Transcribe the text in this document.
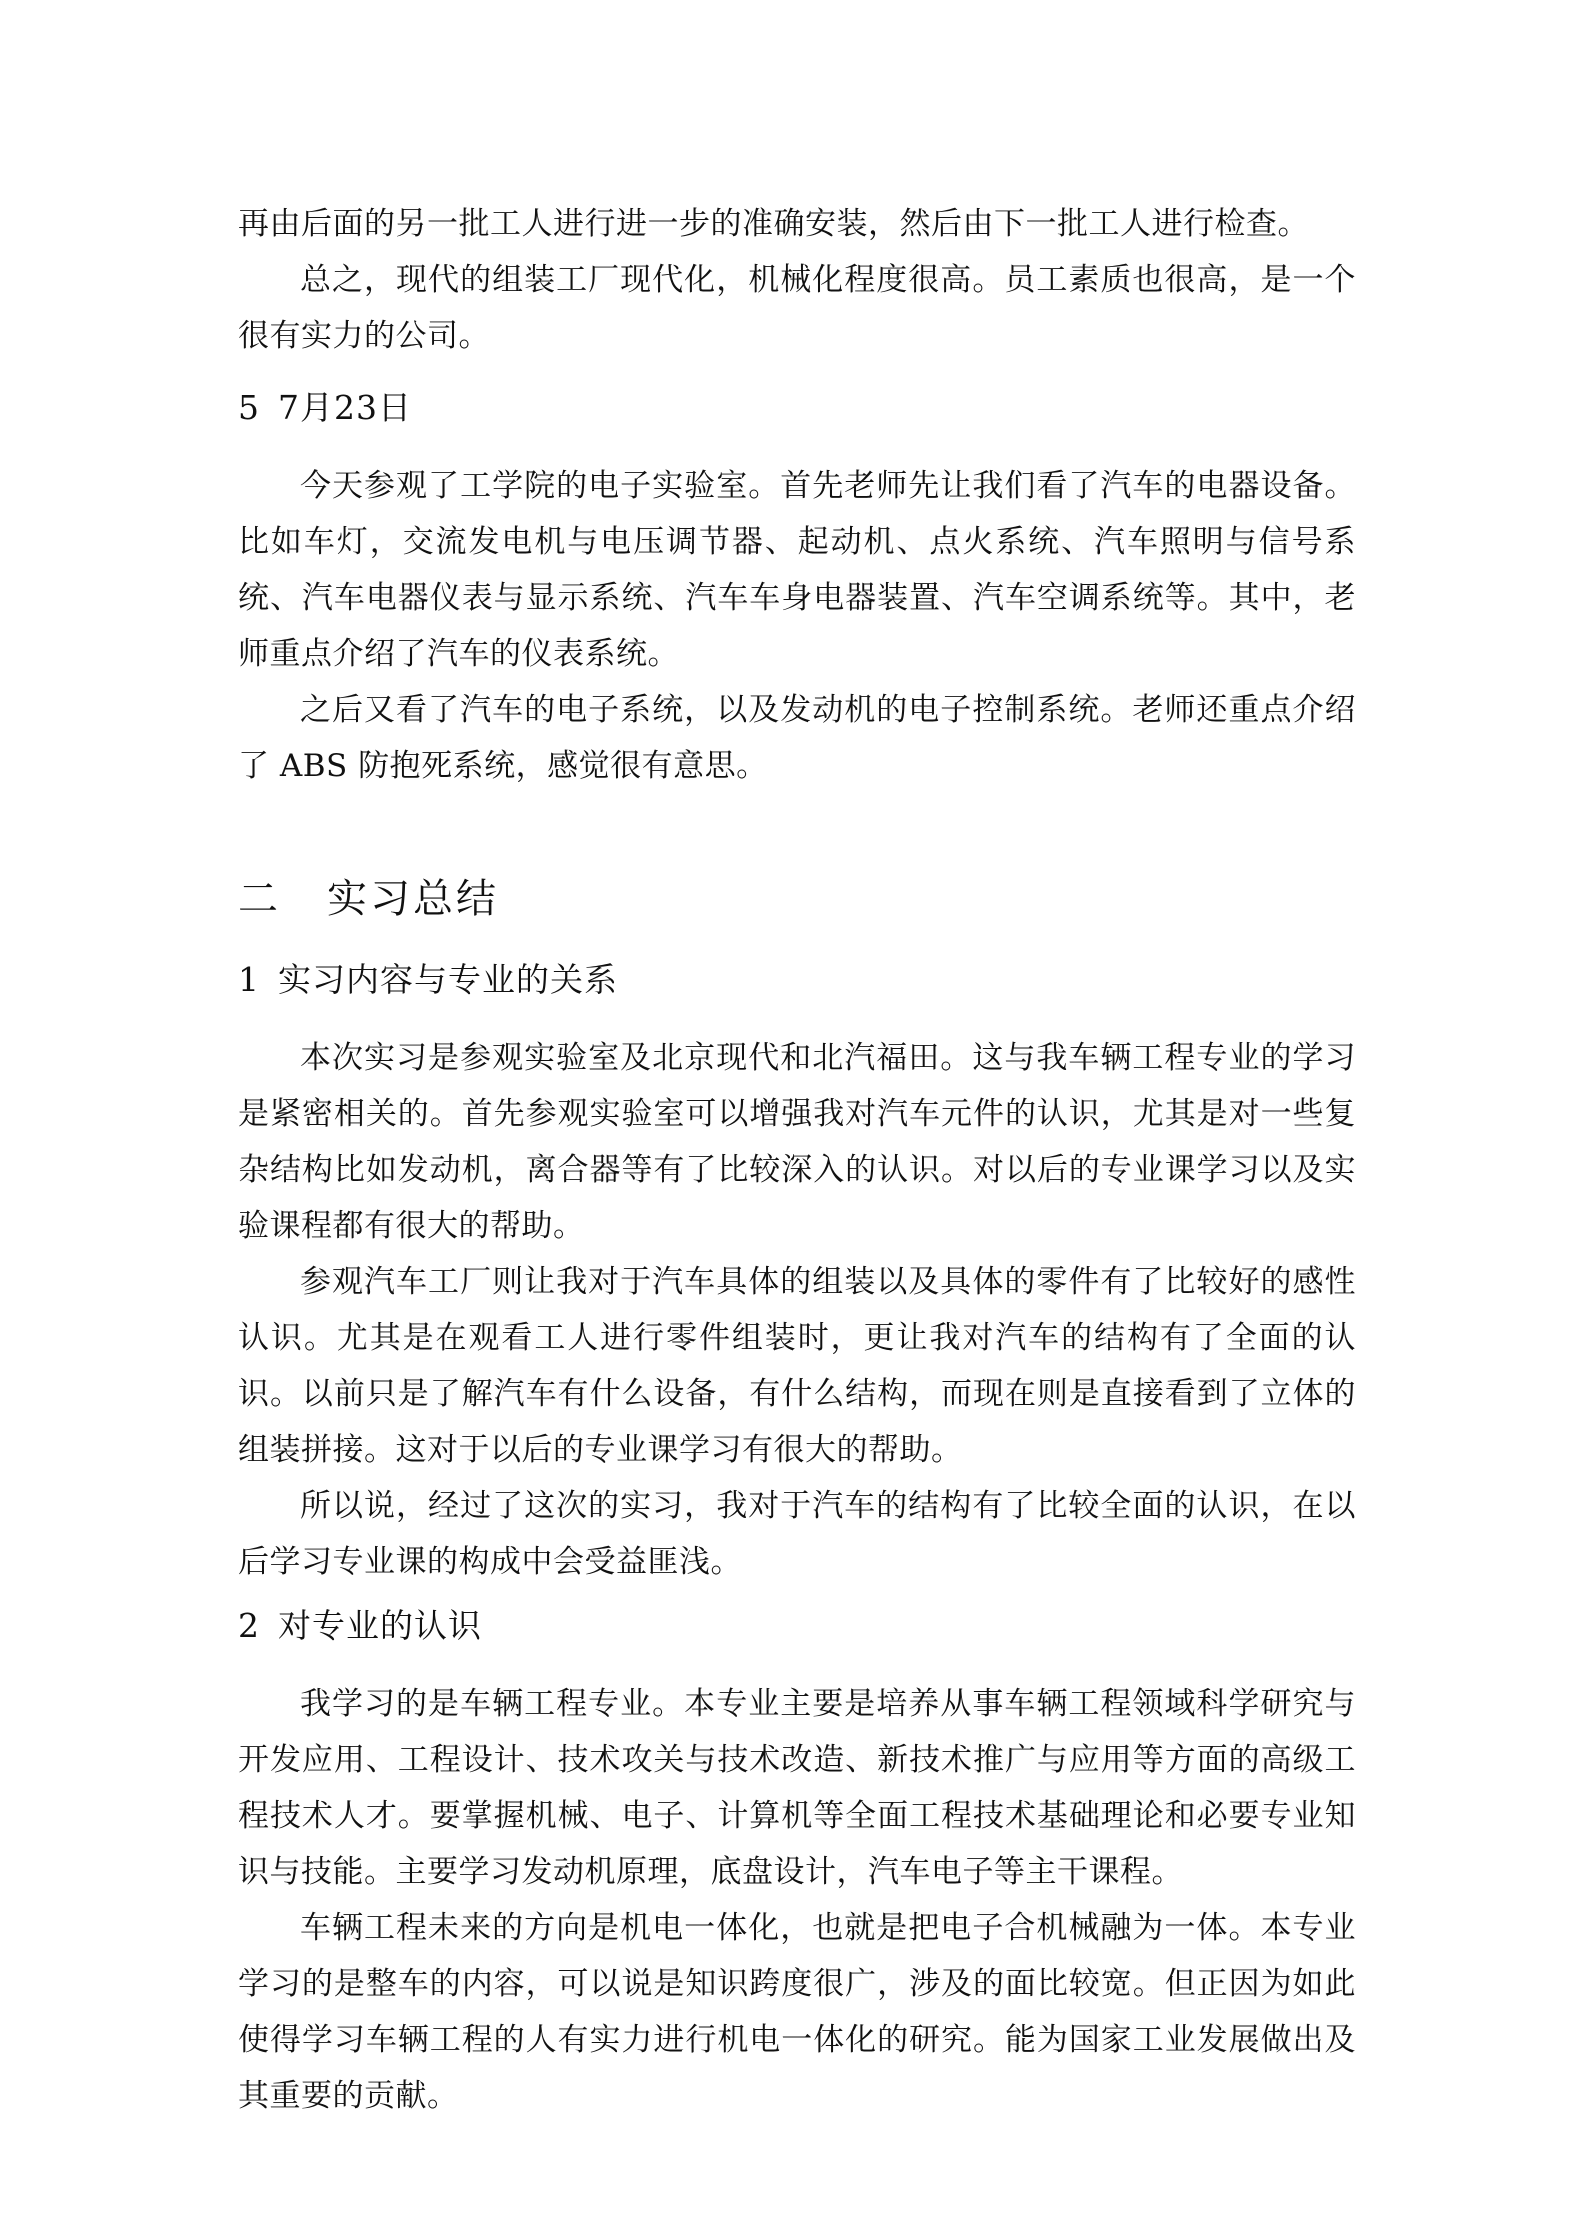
再由后面的另一批工人进行进一步的准确安装，然后由下一批工人进行检查。

总之，现代的组装工厂现代化，机械化程度很高。员工素质也很高，是一个很有实力的公司。

5 7月23日

今天参观了工学院的电子实验室。首先老师先让我们看了汽车的电器设备。比如车灯，交流发电机与电压调节器、起动机、点火系统、汽车照明与信号系统、汽车电器仪表与显示系统、汽车车身电器装置、汽车空调系统等。其中，老师重点介绍了汽车的仪表系统。

之后又看了汽车的电子系统，以及发动机的电子控制系统。老师还重点介绍了 ABS 防抱死系统，感觉很有意思。

二 实习总结
1 实习内容与专业的关系

本次实习是参观实验室及北京现代和北汽福田。这与我车辆工程专业的学习是紧密相关的。首先参观实验室可以增强我对汽车元件的认识，尤其是对一些复杂结构比如发动机，离合器等有了比较深入的认识。对以后的专业课学习以及实验课程都有很大的帮助。

参观汽车工厂则让我对于汽车具体的组装以及具体的零件有了比较好的感性认识。尤其是在观看工人进行零件组装时，更让我对汽车的结构有了全面的认识。以前只是了解汽车有什么设备，有什么结构，而现在则是直接看到了立体的组装拼接。这对于以后的专业课学习有很大的帮助。

所以说，经过了这次的实习，我对于汽车的结构有了比较全面的认识，在以后学习专业课的构成中会受益匪浅。

2 对专业的认识

我学习的是车辆工程专业。本专业主要是培养从事车辆工程领域科学研究与开发应用、工程设计、技术攻关与技术改造、新技术推广与应用等方面的高级工程技术人才。要掌握机械、电子、计算机等全面工程技术基础理论和必要专业知识与技能。主要学习发动机原理，底盘设计，汽车电子等主干课程。

车辆工程未来的方向是机电一体化，也就是把电子合机械融为一体。本专业学习的是整车的内容，可以说是知识跨度很广，涉及的面比较宽。但正因为如此使得学习车辆工程的人有实力进行机电一体化的研究。能为国家工业发展做出及其重要的贡献。
